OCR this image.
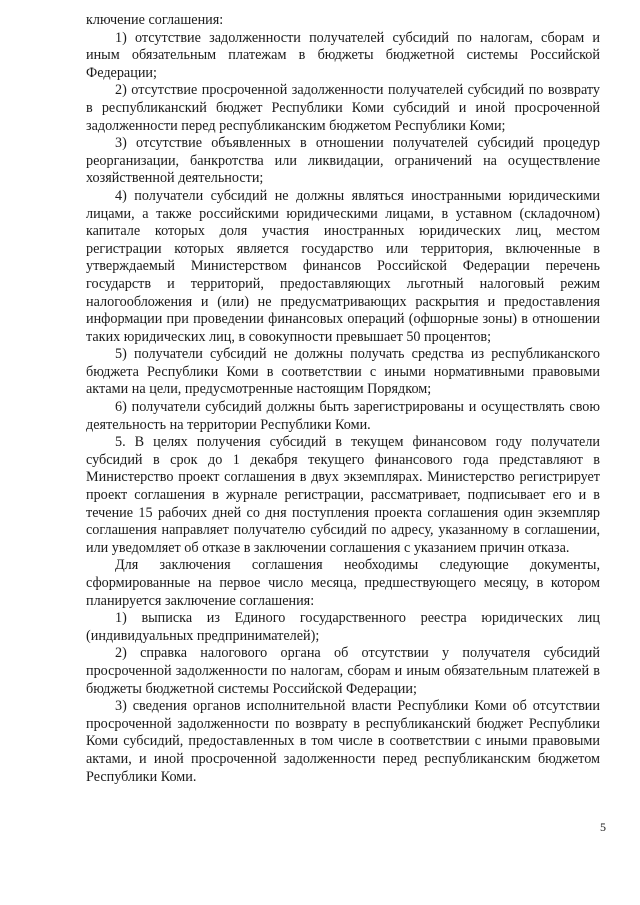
ключение соглашения:

1) отсутствие задолженности получателей субсидий по налогам, сборам и иным обязательным платежам в бюджеты бюджетной системы Российской Федерации;

2) отсутствие просроченной задолженности получателей субсидий по возврату в республиканский бюджет Республики Коми субсидий и иной просроченной задолженности перед республиканским бюджетом Республики Коми;

3) отсутствие объявленных в отношении получателей субсидий процедур реорганизации, банкротства или ликвидации, ограничений на осуществление хозяйственной деятельности;

4) получатели субсидий не должны являться иностранными юридическими лицами, а также российскими юридическими лицами, в уставном (складочном) капитале которых доля участия иностранных юридических лиц, местом регистрации которых является государство или территория, включенные в утверждаемый Министерством финансов Российской Федерации перечень государств и территорий, предоставляющих льготный налоговый режим налогообложения и (или) не предусматривающих раскрытия и предоставления информации при проведении финансовых операций (офшорные зоны) в отношении таких юридических лиц, в совокупности превышает 50 процентов;

5) получатели субсидий не должны получать средства из республиканского бюджета Республики Коми в соответствии с иными нормативными правовыми актами на цели, предусмотренные настоящим Порядком;

6) получатели субсидий должны быть зарегистрированы и осуществлять свою деятельность на территории Республики Коми.

5. В целях получения субсидий в текущем финансовом году получатели субсидий в срок до 1 декабря текущего финансового года представляют в Министерство проект соглашения в двух экземплярах. Министерство регистрирует проект соглашения в журнале регистрации, рассматривает, подписывает его и в течение 15 рабочих дней со дня поступления проекта соглашения один экземпляр соглашения направляет получателю субсидий по адресу, указанному в соглашении, или уведомляет об отказе в заключении соглашения с указанием причин отказа.

Для заключения соглашения необходимы следующие документы, сформированные на первое число месяца, предшествующего месяцу, в котором планируется заключение соглашения:

1) выписка из Единого государственного реестра юридических лиц (индивидуальных предпринимателей);

2) справка налогового органа об отсутствии у получателя субсидий просроченной задолженности по налогам, сборам и иным обязательным платежей в бюджеты бюджетной системы Российской Федерации;

3) сведения органов исполнительной власти Республики Коми об отсутствии просроченной задолженности по возврату в республиканский бюджет Республики Коми субсидий, предоставленных в том числе в соответствии с иными правовыми актами, и иной просроченной задолженности перед республиканским бюджетом Республики Коми.

5
